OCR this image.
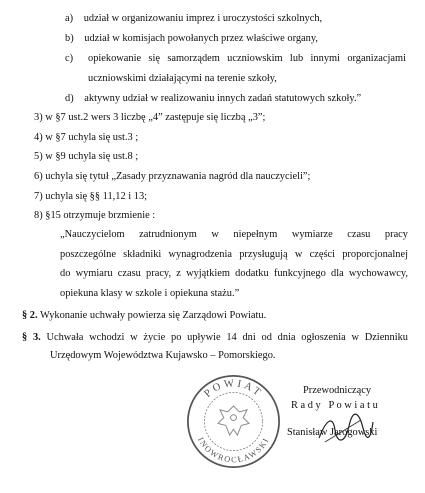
a) udział w organizowaniu imprez i uroczystości szkolnych,
b) udział w komisjach powołanych przez właściwe organy,
c) opiekowanie się samorządem uczniowskim lub innymi organizacjami
uczniowskimi działającymi na terenie szkoły,
d) aktywny udział w realizowaniu innych zadań statutowych szkoły.”
3) w §7 ust.2 wers 3 liczbę „4” zastępuje się liczbą „3”;
4) w §7 uchyla się ust.3 ;
5) w §9 uchyla się ust.8 ;
6) uchyla się tytuł „Zasady przyznawania nagród dla nauczycieli”;
7) uchyla się §§ 11,12 i 13;
8) §15 otrzymuje brzmienie :
„Nauczycielom zatrudnionym w niepełnym wymiarze czasu pracy
poszczególne składniki wynagrodzenia przysługują w części proporcjonalnej
do wymiaru czasu pracy, z wyjątkiem dodatku funkcyjnego dla wychowawcy,
opiekuna klasy w szkole i opiekuna stażu.”
§ 2. Wykonanie uchwały powierza się Zarządowi Powiatu.
§ 3. Uchwała wchodzi w życie po upływie 14 dni od dnia ogłoszenia w Dzienniku
Urzędowym Województwa Kujawsko – Pomorskiego.
POWIAT
INOWROCŁAWSKI
Przewodniczący
R a d y   P o w i a t u
Stanisław Jarogowski
